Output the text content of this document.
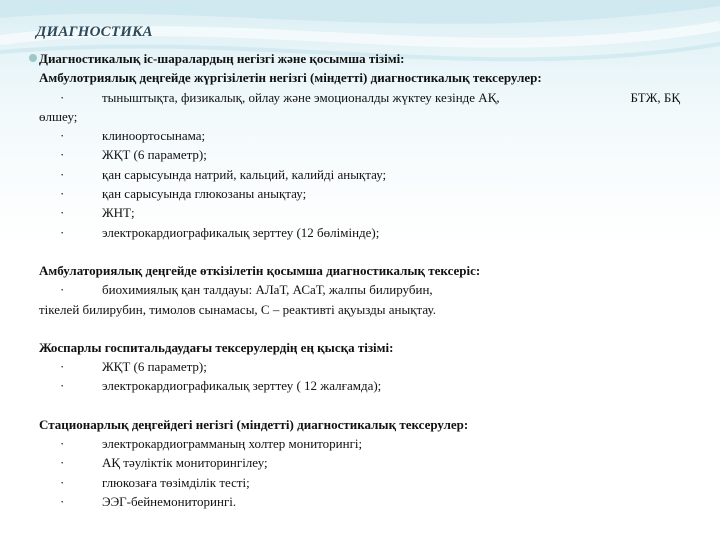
ДИАГНОСТИКА
Диагностикалық іс-шаралардың негізгі және қосымша тізімі:
Амбулотриялық деңгейде жүргізілетін негізгі (міндетті) диагностикалық тексерулер:
·	тыныштықта, физикалық, ойлау және эмоционалды жүктеу кезінде АҚ,	БТЖ, БҚ
өлшеу;
·	клиноортосынама;
·	ЖҚТ (6 параметр);
·	қан сарысуында натрий, кальций, калийді анықтау;
·	қан сарысуында глюкозаны анықтау;
·	ЖНТ;
·	электрокардиографикалық зерттеу (12 бөлімінде);
Амбулаториялық деңгейде өткізілетін қосымша диагностикалық тексеріс:
·	биохимиялық қан талдауы: АЛаТ, АСаТ, жалпы билирубин,
тікелей билирубин, тимолов сынамасы, С – реактивті ақуызды анықтау.
Жоспарлы госпитальдаудағы тексерулердің ең қысқа тізімі:
·	ЖҚТ (6 параметр);
·	электрокардиографикалық зерттеу ( 12 жалғамда);
Стационарлық деңгейдегі негізгі (міндетті) диагностикалық тексерулер:
·	электрокардиограмманың холтер мониторингі;
·	АҚ тәуліктік мониторингілеу;
·	глюкозаға төзімділік тесті;
·	ЭЭГ-бейнемониторингі.
